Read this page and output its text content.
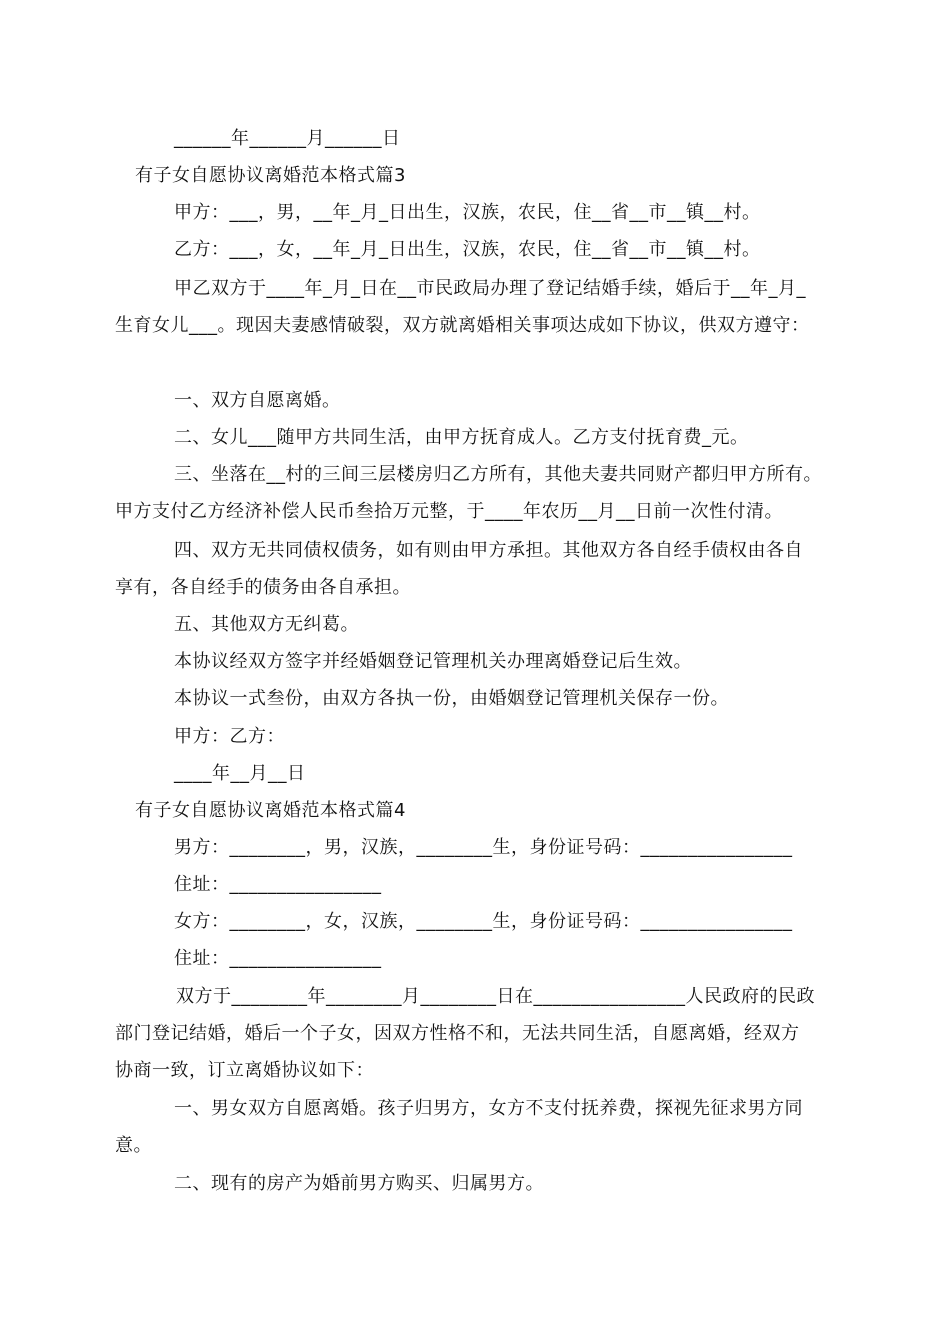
______年______月______日
有子女自愿协议离婚范本格式篇3
甲方：___，男，__年_月_日出生，汉族，农民，住__省__市__镇__村。
乙方：___，女，__年_月_日出生，汉族，农民，住__省__市__镇__村。
甲乙双方于____年_月_日在__市民政局办理了登记结婚手续，婚后于__年_月_
生育女儿___。现因夫妻感情破裂，双方就离婚相关事项达成如下协议，供双方遵守：
一、双方自愿离婚。
二、女儿___随甲方共同生活，由甲方抚育成人。乙方支付抚育费_元。
三、坐落在__村的三间三层楼房归乙方所有，其他夫妻共同财产都归甲方所有。
甲方支付乙方经济补偿人民币叁拾万元整，于____年农历__月__日前一次性付清。
四、双方无共同债权债务，如有则由甲方承担。其他双方各自经手债权由各自
享有，各自经手的债务由各自承担。
五、其他双方无纠葛。
本协议经双方签字并经婚姻登记管理机关办理离婚登记后生效。
本协议一式叁份，由双方各执一份，由婚姻登记管理机关保存一份。
甲方：乙方：
____年__月__日
有子女自愿协议离婚范本格式篇4
男方：________，男，汉族，________生，身份证号码：________________
住址：________________
女方：________，女，汉族，________生，身份证号码：________________
住址：________________
双方于________年________月________日在________________人民政府的民政
部门登记结婚，婚后一个子女，因双方性格不和，无法共同生活，自愿离婚，经双方
协商一致，订立离婚协议如下：
一、男女双方自愿离婚。孩子归男方，女方不支付抚养费，探视先征求男方同
意。
二、现有的房产为婚前男方购买、归属男方。
